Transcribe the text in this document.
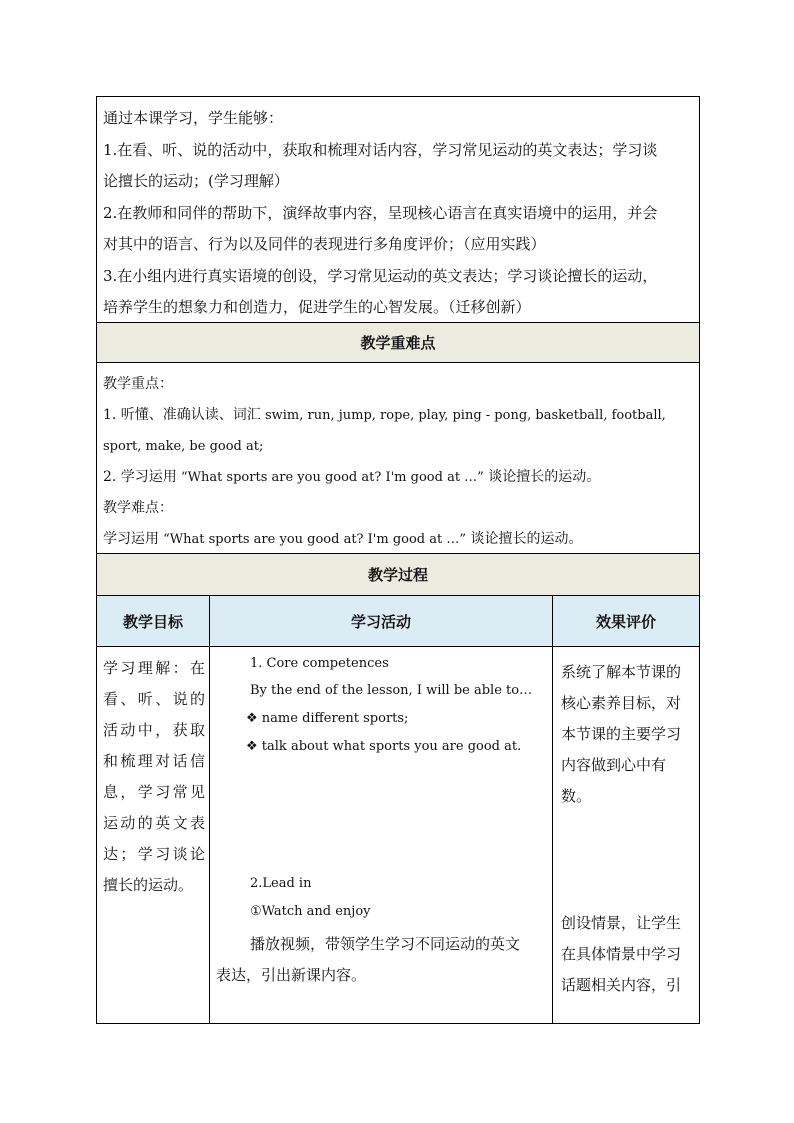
通过本课学习，学生能够：

1.在看、听、说的活动中，获取和梳理对话内容，学习常见运动的英文表达；学习谈

论擅长的运动；(学习理解）

2.在教师和同伴的帮助下，演绎故事内容，呈现核心语言在真实语境中的运用，并会

对其中的语言、行为以及同伴的表现进行多角度评价；（应用实践）

3.在小组内进行真实语境的创设，学习常见运动的英文表达；学习谈论擅长的运动，

培养学生的想象力和创造力，促进学生的心智发展。（迁移创新）

教学重难点

教学重点：

1. 听懂、准确认读、词汇 swim, run, jump, rope, play, ping - pong, basketball, football,

sport, make, be good at;

2. 学习运用 “What sports are you good at? I'm good at …” 谈论擅长的运动。

教学难点：

学习运用 “What sports are you good at? I'm good at …” 谈论擅长的运动。

教学过程
教学目标	学习活动	效果评价
学习理解：在看、听、说的活动中，获取和梳理对话信息，学习常见运动的英文表达；学习谈论擅长的运动。
1. Core competences
By the end of the lesson, I will be able to…
❖ name different sports;
❖ talk about what sports you are good at.
2.Lead in
①Watch and enjoy
播放视频，带领学生学习不同运动的英文
表达，引出新课内容。

系统了解本节课的核心素养目标，对本节课的主要学习内容做到心中有数。

创设情景，让学生在具体情景中学习话题相关内容，引
